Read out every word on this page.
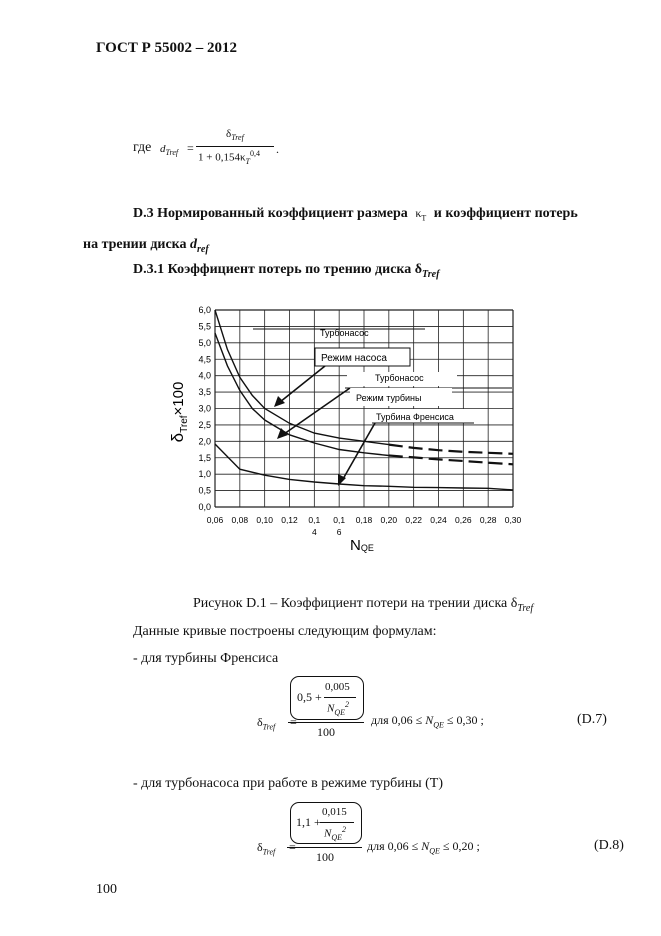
ГОСТ Р 55002 – 2012
где $d_{Tref}$ =
$\delta_{Tref}$
$1 + 0,154\kappa_T^{0,4}$ .
D.3 Нормированный коэффициент размера $\kappa_T$ и коэффициент потерь
на трении диска $d_{ref}$
D.3.1 Коэффициент потерь по трению диска $\delta_{Tref}$
0,0
0,5
1,0
1,5
2,0
2,5
3,0
3,5
4,0
4,5
5,0
5,5
6,0
0,06 0,08 0,10 0,12 0,1
4
0,1
6
0,18 0,20 0,22 0,24 0,26 0,28 0,30
Турбонасос
Режим насоса
Турбонасос
Режим турбины
Турбина Френсиса
$\delta_{Tref}\times 100$
NQE
Рисунок D.1 – Коэффициент потери на трении диска $\delta_{Tref}$
Данные кривые построены следующим формулам:
- для турбины Френсиса
$\delta_{Tref}$ =
0,5 +
0,005
$N_{QE}^2$
100
для $0,06 \le N_{QE} \le 0,30$ ;	(D.7)
- для турбонасоса при работе в режиме турбины (Т)
$\delta_{Tref}$ =
1,1 +
0,015
$N_{QE}^2$
100
для $0,06 \le N_{QE} \le 0,20$ ;	(D.8)
100
